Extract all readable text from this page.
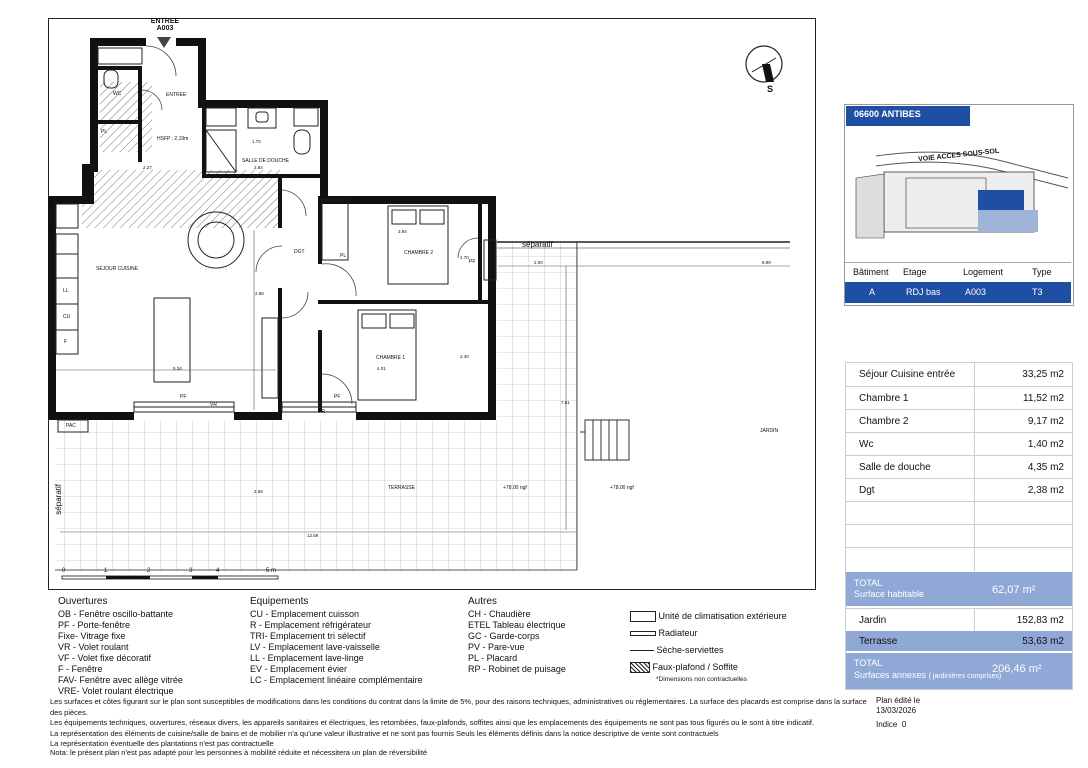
ENTREE
A003
S
WC	ENTREE
HSFP : 2,19m
SALLE DE DOUCHE
SÉJOUR CUISINE
DGT	CHAMBRE 2
CHAMBRE 1
TERRASSE
JARDIN
PAC
PL
PL
PF	PF
PF
VR
VR
LL
CU
F
+78.00 ngf	+78.00 ngf
séparatif
séparatif
1.70
2.27	2.84
3.94
2.98
5.34	4.01
2.40
2.70
2.00	8.99
7.61
12.59
3.59
0	1	2	3	4	5 m
06600 ANTIBES
VOIE ACCES SOUS-SOL
Bâtiment Etage	Logement	Type
A	RDJ bas	A003	T3
Séjour Cuisine entrée	33,25 m2
Chambre 1	11,52 m2
Chambre 2	9,17 m2
Wc	1,40 m2
Salle de douche	4,35 m2
Dgt	2,38 m2
TOTAL
Surface habitable	62,07 m²
Jardin	152,83 m2
Terrasse	53,63 m2
TOTAL
Surfaces annexes ( jardinières comprises)
206,46 m²
Ouvertures
OB - Fenêtre oscillo-battante
PF - Porte-fenêtre
Fixe- Vitrage fixe
VR - Volet roulant
VF - Volet fixe décoratif
F - Fenêtre
FAV- Fenêtre avec allège vitrée
VRE- Volet roulant électrique
Equipements
CU - Emplacement cuisson
R - Emplacement réfrigérateur
TRI- Emplacement tri sélectif
LV - Emplacement lave-vaisselle
LL - Emplacement lave-linge
EV - Emplacement évier
LC - Emplacement linéaire complémentaire
Autres
CH - Chaudière
ETEL Tableau électrique
GC - Garde-corps
PV - Pare-vue
PL - Placard
RP - Robinet de puisage
Unité de climatisation extérieure
Radiateur
Sèche-serviettes
Faux-plafond / Soffite
*Dimensions non contractuelles
Les surfaces et côtes figurant sur le plan sont susceptibles de modifications dans les conditions du contrat dans la limite de 5%, pour des raisons techniques, administratives ou réglementaires. La surface des placards est comprise dans la surface des pièces.
Les équipements techniques, ouvertures, réseaux divers, les appareils sanitaires et électriques, les retombées, faux-plafonds, soffites ainsi que les emplacements des équipements ne sont pas tous figurés ou le sont à titre indicatif.
La représentation des éléments de cuisine/salle de bains et de mobilier n'a qu'une valeur illustrative et ne sont pas fournis Seuls les éléments définis dans la notice descriptive de vente sont contractuels
La représentation éventuelle des plantations n'est pas contractuelle
Nota: le présent plan n'est pas adapté pour les personnes à mobilité réduite et nécessitera un plan de réversibilité
Plan édité le
13/03/2026
Indice 0
